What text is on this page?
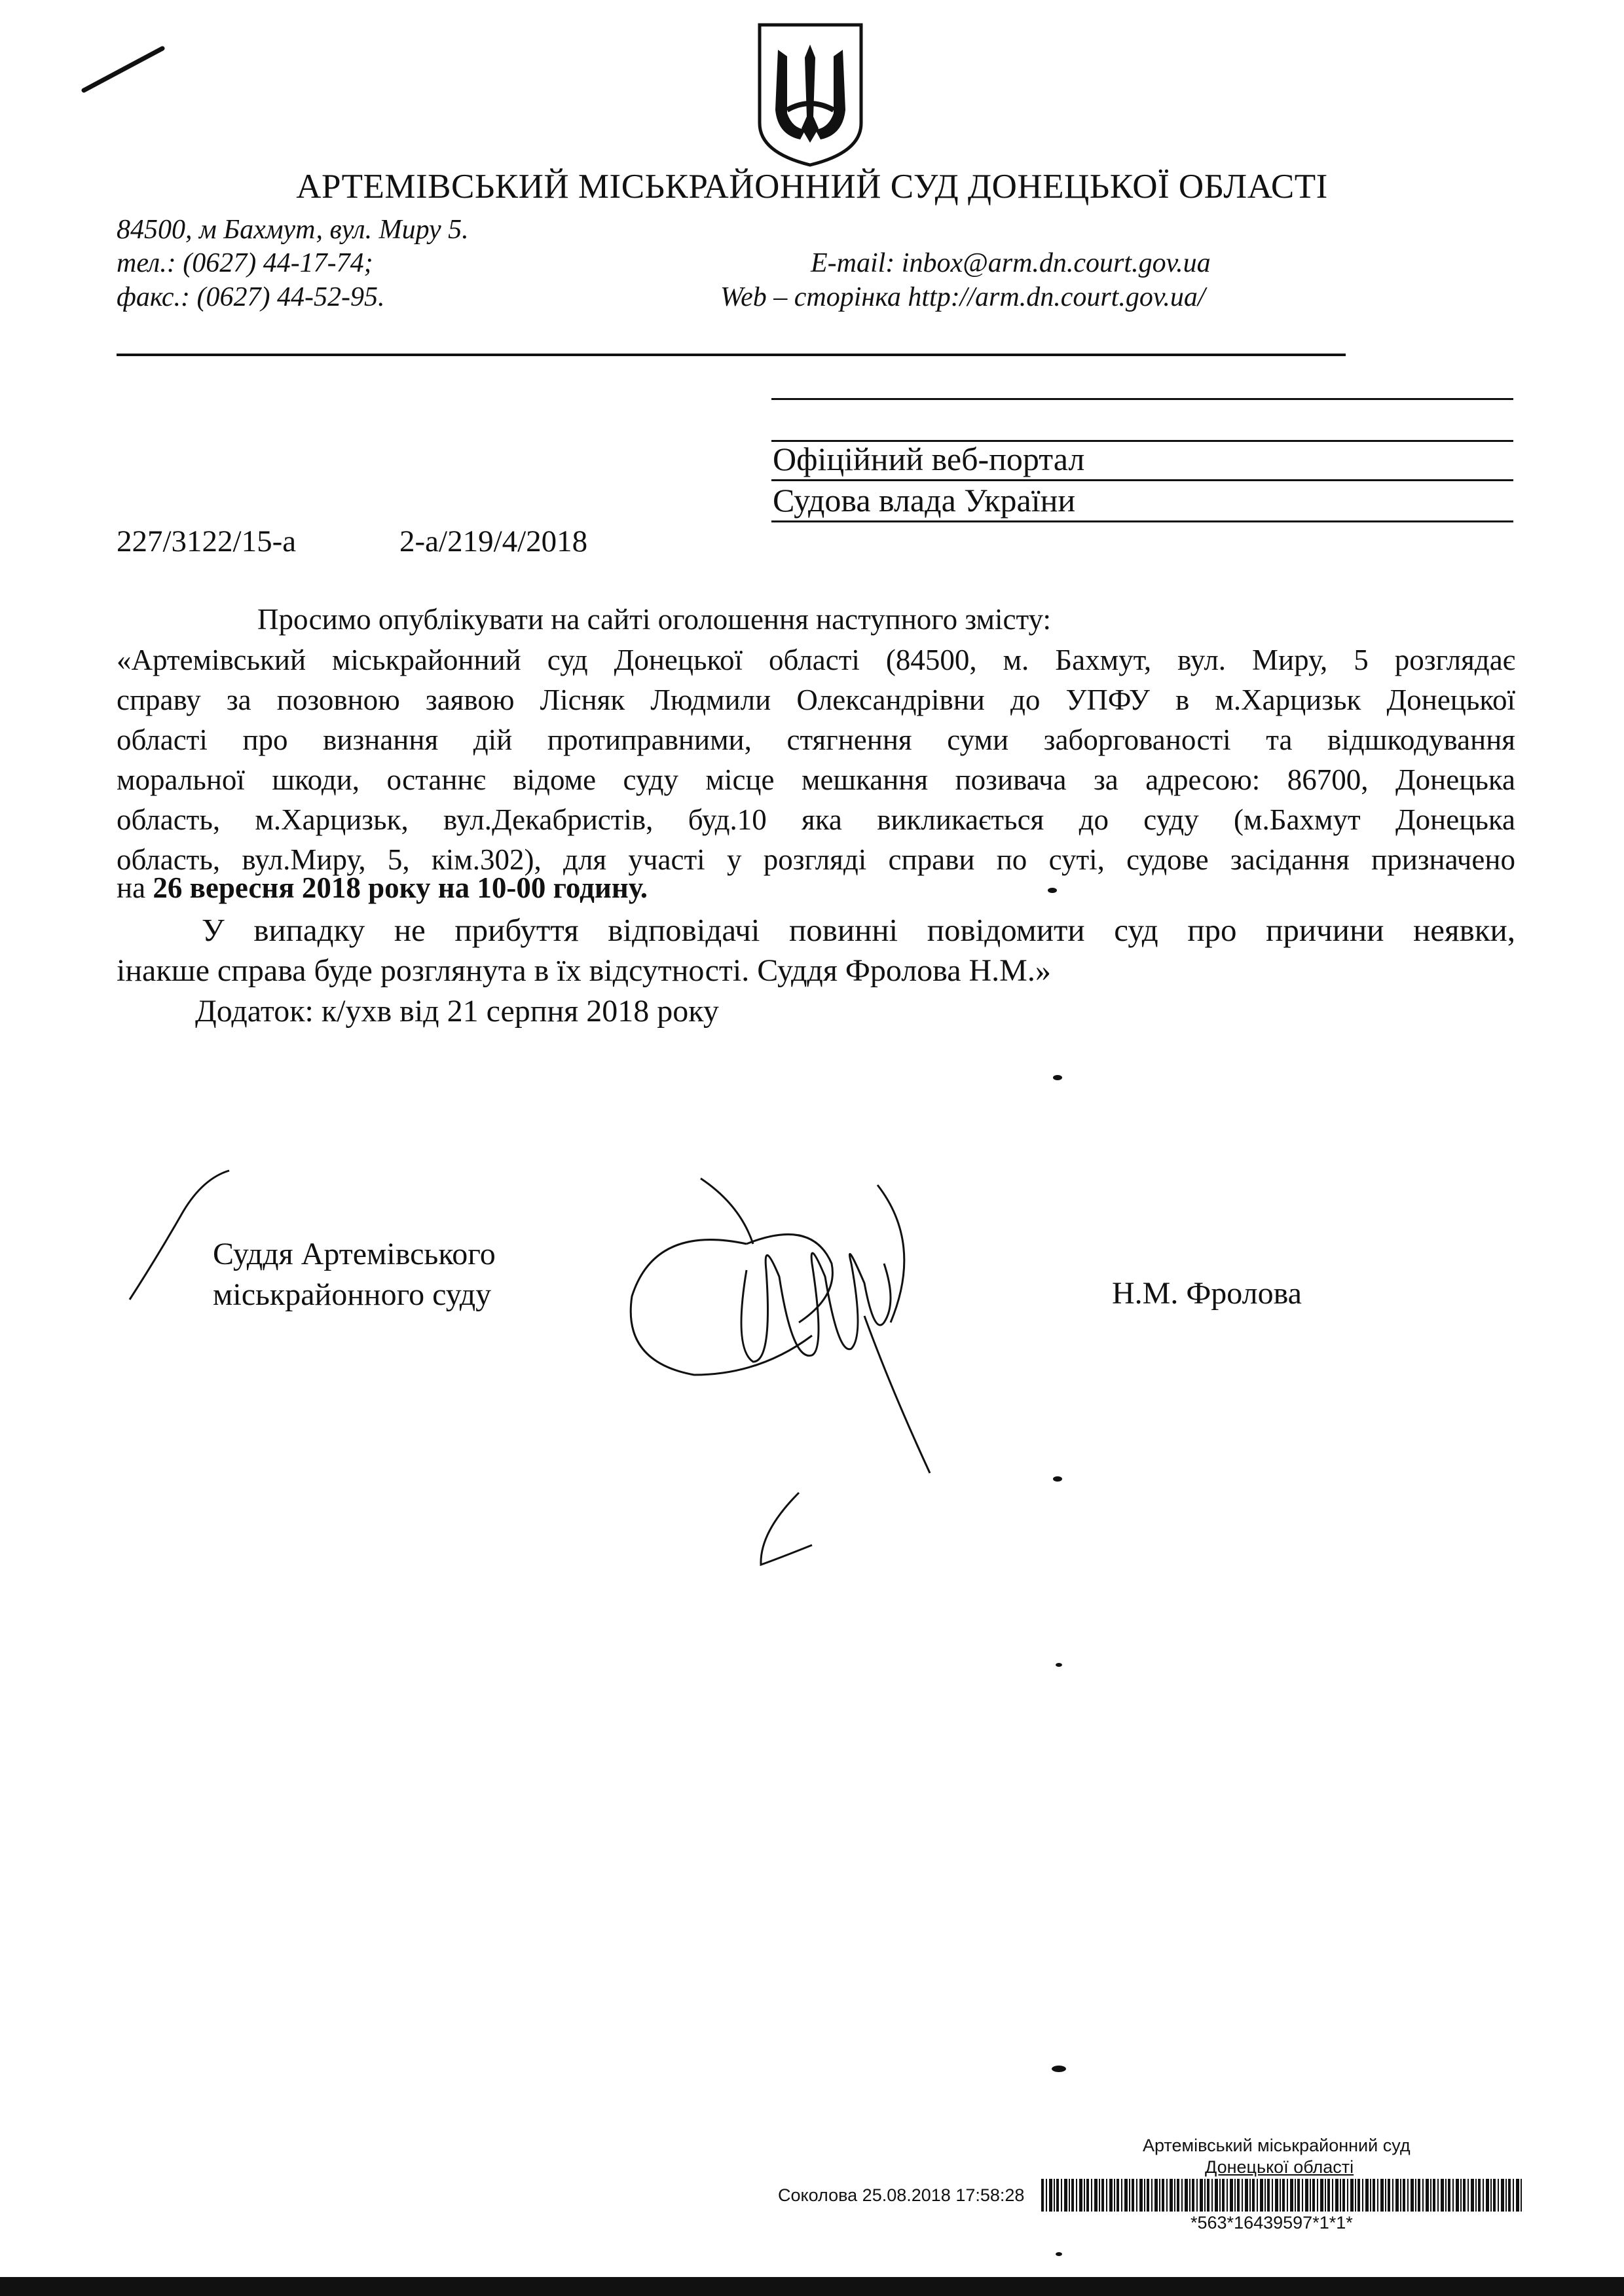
АРТЕМІВСЬКИЙ МІСЬКРАЙОННИЙ СУД ДОНЕЦЬКОЇ ОБЛАСТІ
84500, м Бахмут, вул. Миру 5.
тел.: (0627) 44-17-74;
факс.: (0627) 44-52-95.
E-mail: inbox@arm.dn.court.gov.ua
Web – сторінка http://arm.dn.court.gov.ua/
Офіційний веб-портал
Судова влада України
227/3122/15-а	2-а/219/4/2018
Просимо опублікувати на сайті оголошення наступного змісту:
«Артемівський міськрайонний суд Донецької області (84500, м. Бахмут, вул. Миру, 5 розглядає
справу за позовною заявою Лісняк Людмили Олександрівни до УПФУ в м.Харцизьк Донецької
області про визнання дій протиправними, стягнення суми заборгованості та відшкодування
моральної шкоди, останнє відоме суду місце мешкання позивача за адресою: 86700, Донецька
область, м.Харцизьк, вул.Декабристів, буд.10 яка викликається до суду (м.Бахмут Донецька
область, вул.Миру, 5, кім.302), для участі у розгляді справи по суті, судове засідання призначено
на 26 вересня 2018 року на 10-00 годину.
У випадку не прибуття відповідачі повинні повідомити суд про причини неявки,
інакше справа буде розглянута в їх відсутності. Суддя Фролова Н.М.»
Додаток: к/ухв від 21 серпня 2018 року
Суддя Артемівського
міськрайонного суду	Н.М. Фролова
Артемівський міськрайонний суд
Донецької області
Соколова 25.08.2018 17:58:28
*563*16439597*1*1*
